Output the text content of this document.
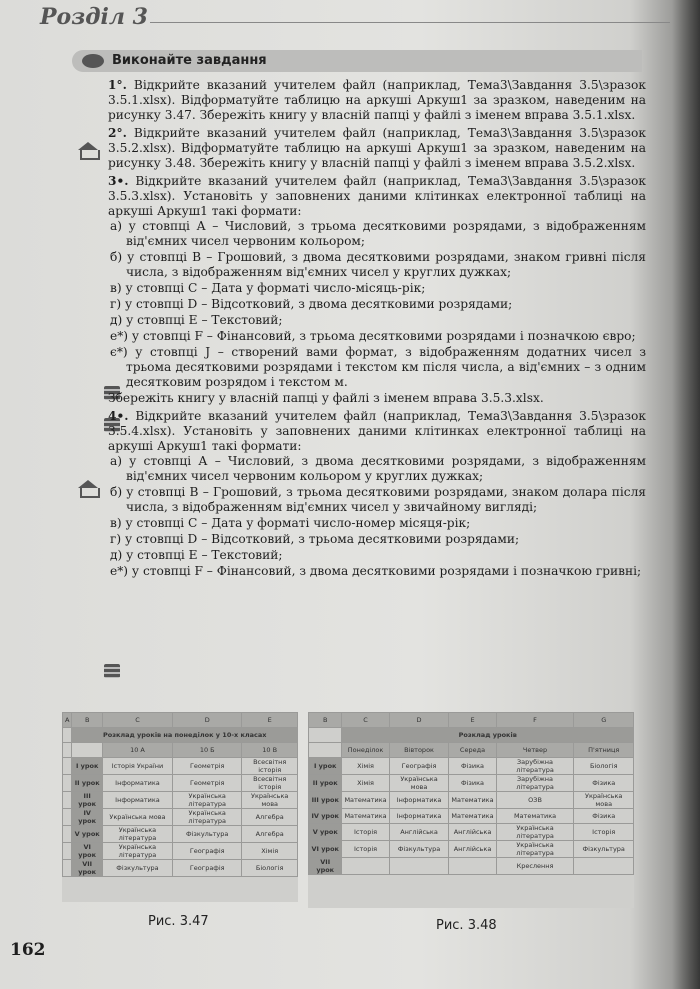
Розділ 3
Виконайте завдання

1°. Відкрийте вказаний учителем файл (наприклад, Тема3\Завдання 3.5\зразок 3.5.1.xlsx). Відформатуйте таблицю на аркуші Аркуш1 за зразком, наведеним на рисунку 3.47. Збережіть книгу у власній папці у файлі з іменем вправа 3.5.1.xlsx.

2°. Відкрийте вказаний учителем файл (наприклад, Тема3\Завдання 3.5\зразок 3.5.2.xlsx). Відформатуйте таблицю на аркуші Аркуш1 за зразком, наведеним на рисунку 3.48. Збережіть книгу у власній папці у файлі з іменем вправа 3.5.2.xlsx.

3•. Відкрийте вказаний учителем файл (наприклад, Тема3\Завдання 3.5\зразок 3.5.3.xlsx). Установіть у заповнених даними клітинках електронної таблиці на аркуші Аркуш1 такі формати:

а) у стовпці А – Числовий, з трьома десятковими розрядами, з відображенням від'ємних чисел червоним кольором;

б) у стовпці В – Грошовий, з двома десятковими розрядами, знаком гривні після числа, з відображенням від'ємних чисел у круглих дужках;

в) у стовпці С – Дата у форматі число-місяць-рік;

г) у стовпці D – Відсотковий, з двома десятковими розрядами;

д) у стовпці Е – Текстовий;

е*) у стовпці F – Фінансовий, з трьома десятковими розрядами і позначкою євро;

є*) у стовпці J – створений вами формат, з відображенням додатних чисел з трьома десятковими розрядами і текстом км після числа, а від'ємних – з одним десятковим розрядом і текстом м.

Збережіть книгу у власній папці у файлі з іменем вправа 3.5.3.xlsx.

4•. Відкрийте вказаний учителем файл (наприклад, Тема3\Завдання 3.5\зразок 3.5.4.xlsx). Установіть у заповнених даними клітинках електронної таблиці на аркуші Аркуш1 такі формати:

а) у стовпці А – Числовий, з двома десятковими розрядами, з відображенням від'ємних чисел червоним кольором у круглих дужках;

б) у стовпці В – Грошовий, з трьома десятковими розрядами, знаком долара після числа, з відображенням від'ємних чисел у звичайному вигляді;

в) у стовпці С – Дата у форматі число-номер місяця-рік;

г) у стовпці D – Відсотковий, з трьома десятковими розрядами;

д) у стовпці Е – Текстовий;

е*) у стовпці F – Фінансовий, з двома десятковими розрядами і позначкою гривні;

A	B	C	D	E
	Розклад уроків на понеділок у 10-х класах			
		10 А	10 Б	10 В
	І урок	Історія України	Геометрія	Всесвітня історія
	ІІ урок	Інформатика	Геометрія	Всесвітня історія
	ІІІ урок	Інформатика	Українська література	Українська мова
	IV урок	Українська мова	Українська література	Алгебра
	V урок	Українська література	Фізкультура	Алгебра
	VI урок	Українська література	Географія	Хімія
	VII урок	Фізкультура	Географія	Біологія
Рис. 3.47
B	C	D	E	F	G
	Розклад уроків				
	Понеділок	Вівторок	Середа	Четвер	П'ятниця
І урок	Хімія	Географія	Фізика	Зарубіжна література	Біологія
ІІ урок	Хімія	Українська мова	Фізика	Зарубіжна література	Фізика
ІІІ урок	Математика	Інформатика	Математика	ОЗВ	Українська мова
IV урок	Математика	Інформатика	Математика	Математика	Фізика
V урок	Історія	Англійська	Англійська	Українська література	Історія
VI урок	Історія	Фізкультура	Англійська	Українська література	Фізкультура
VII урок				Креслення	
Рис. 3.48
162
